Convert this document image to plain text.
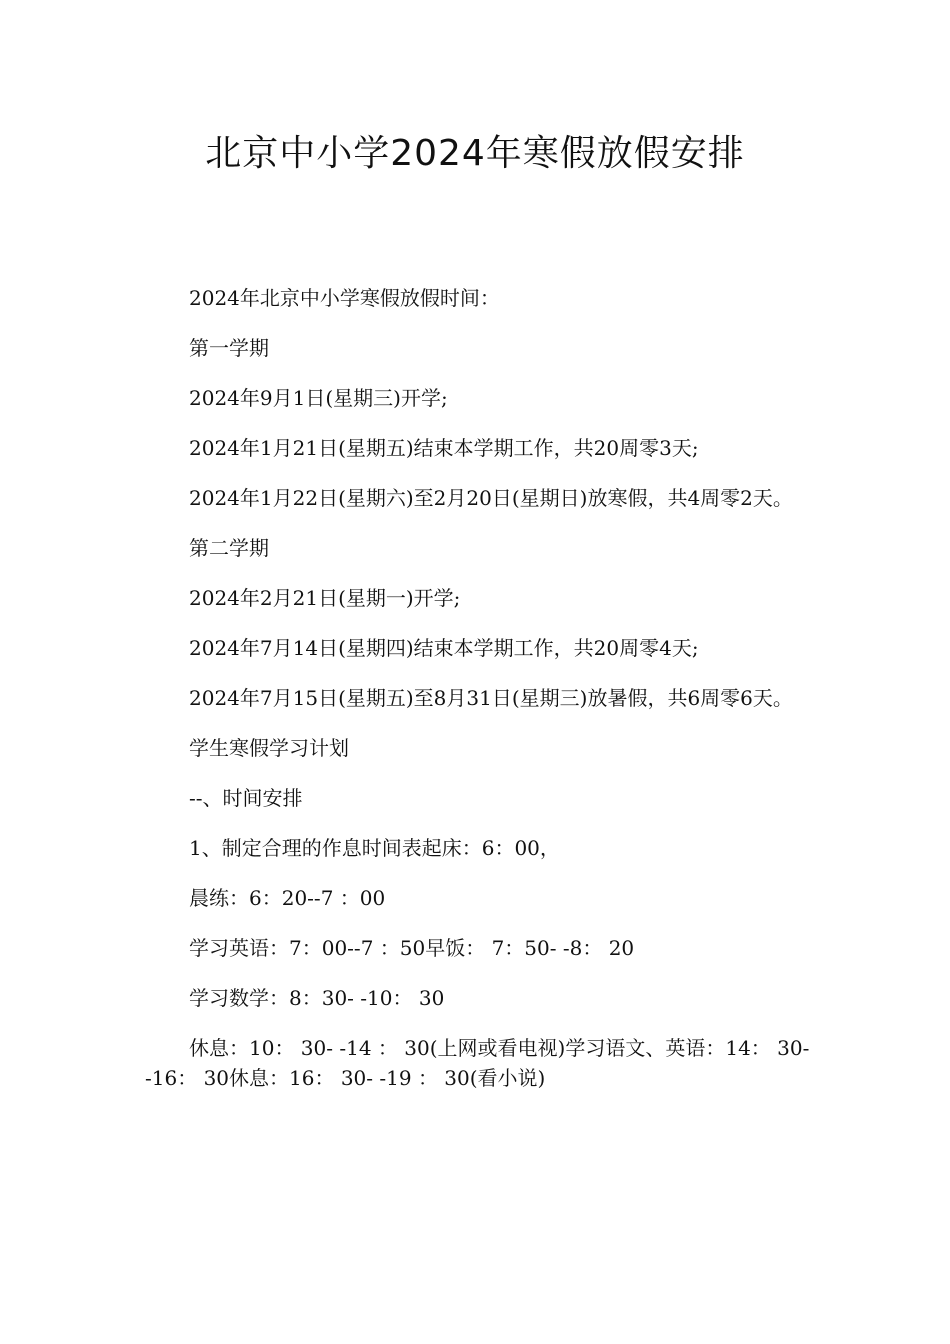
北京中小学2024年寒假放假安排

2024年北京中小学寒假放假时间：

第一学期

2024年9月1日(星期三)开学;

2024年1月21日(星期五)结束本学期工作，共20周零3天;

2024年1月22日(星期六)至2月20日(星期日)放寒假，共4周零2天。

第二学期

2024年2月21日(星期一)开学;

2024年7月14日(星期四)结束本学期工作，共20周零4天;

2024年7月15日(星期五)至8月31日(星期三)放暑假，共6周零6天。

学生寒假学习计划

--、时间安排

1、制定合理的作息时间表起床：6：00，

晨练：6：20--7 ：00

学习英语：7：00--7 ：50早饭： 7：50- -8： 20

学习数学：8：30- -10： 30

休息：10： 30- -14 ： 30(上网或看电视)学习语文、英语：14： 30- -16： 30休息：16： 30- -19 ： 30(看小说)
